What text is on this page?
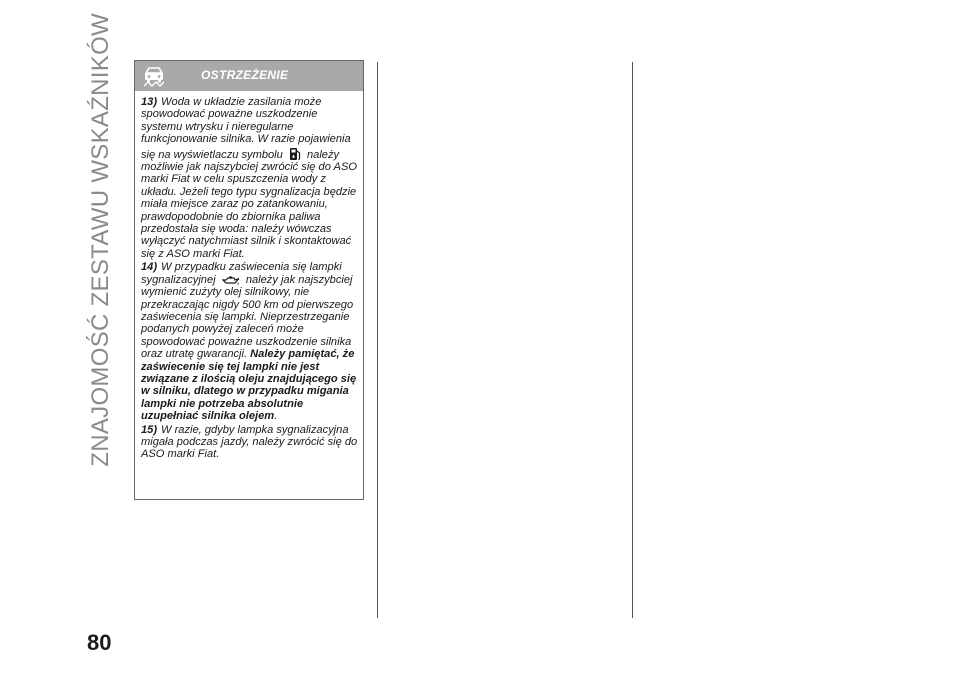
ZNAJOMOŚĆ ZESTAWU WSKAŹNIKÓW
80
OSTRZEŻENIE

13) Woda w układzie zasilania może spowodować poważne uszkodzenie systemu wtrysku i nieregularne funkcjonowanie silnika. W razie pojawienia się na wyświetlaczu symbolu należy możliwie jak najszybciej zwrócić się do ASO marki Fiat w celu spuszczenia wody z układu. Jeżeli tego typu sygnalizacja będzie miała miejsce zaraz po zatankowaniu, prawdopodobnie do zbiornika paliwa przedostała się woda: należy wówczas wyłączyć natychmiast silnik i skontaktować się z ASO marki Fiat.

14) W przypadku zaświecenia się lampki sygnalizacyjnej	należy jak najszybciej wymienić zużyty olej silnikowy, nie przekraczając nigdy 500 km od pierwszego zaświecenia się lampki. Nieprzestrzeganie podanych powyżej zaleceń może spowodować poważne uszkodzenie silnika oraz utratę gwarancji. Należy pamiętać, że zaświecenie się tej lampki nie jest związane z ilością oleju znajdującego się w silniku, dlatego w przypadku migania lampki nie potrzeba absolutnie uzupełniać silnika olejem.

15) W razie, gdyby lampka sygnalizacyjna migała podczas jazdy, należy zwrócić się do ASO marki Fiat.
